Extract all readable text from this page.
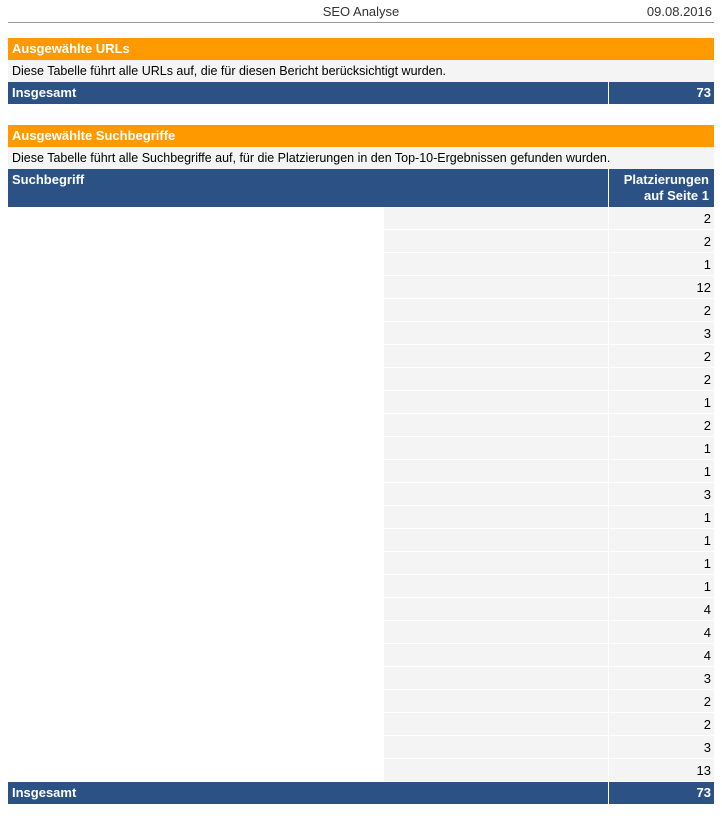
SEO Analyse	09.08.2016
Ausgewählte URLs
Diese Tabelle führt alle URLs auf, die für diesen Bericht berücksichtigt wurden.
Insgesamt	73
Ausgewählte Suchbegriffe
Diese Tabelle führt alle Suchbegriffe auf, für die Platzierungen in den Top-10-Ergebnissen gefunden wurden.
Suchbegriff	Platzierungen
auf Seite 1
2
2
1
12
2
3
2
2
1
2
1
1
3
1
1
1
1
4
4
4
3
2
2
3
13
Insgesamt	73
